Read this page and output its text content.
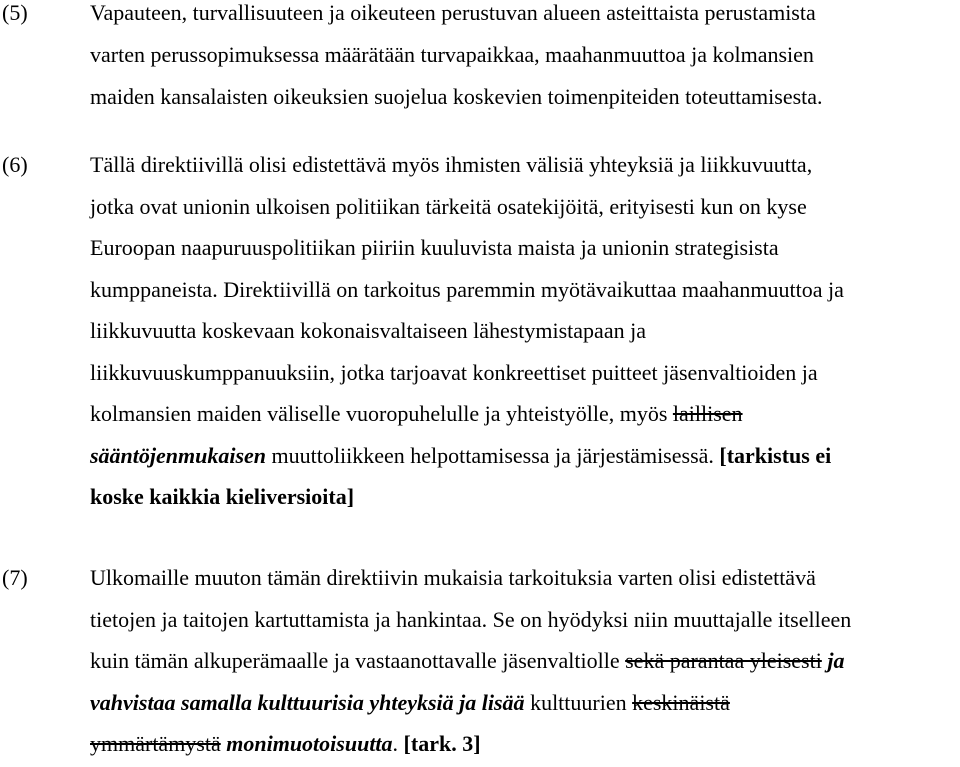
(5)	Vapauteen, turvallisuuteen ja oikeuteen perustuvan alueen asteittaista perustamista
varten perussopimuksessa määrätään turvapaikkaa, maahanmuuttoa ja kolmansien
maiden kansalaisten oikeuksien suojelua koskevien toimenpiteiden toteuttamisesta.
(6)	Tällä direktiivillä olisi edistettävä myös ihmisten välisiä yhteyksiä ja liikkuvuutta,
jotka ovat unionin ulkoisen politiikan tärkeitä osatekijöitä, erityisesti kun on kyse
Euroopan naapuruuspolitiikan piiriin kuuluvista maista ja unionin strategisista
kumppaneista. Direktiivillä on tarkoitus paremmin myötävaikuttaa maahanmuuttoa ja
liikkuvuutta koskevaan kokonaisvaltaiseen lähestymistapaan ja
liikkuvuuskumppanuuksiin, jotka tarjoavat konkreettiset puitteet jäsenvaltioiden ja
kolmansien maiden väliselle vuoropuhelulle ja yhteistyölle, myös laillisen
sääntöjenmukaisen muuttoliikkeen helpottamisessa ja järjestämisessä. [tarkistus ei
koske kaikkia kieliversioita]
(7)	Ulkomaille muuton tämän direktiivin mukaisia tarkoituksia varten olisi edistettävä
tietojen ja taitojen kartuttamista ja hankintaa. Se on hyödyksi niin muuttajalle itselleen
kuin tämän alkuperämaalle ja vastaanottavalle jäsenvaltiolle sekä parantaa yleisesti ja
vahvistaa samalla kulttuurisia yhteyksiä ja lisää kulttuurien keskinäistä
ymmärtämystä monimuotoisuutta. [tark. 3]
